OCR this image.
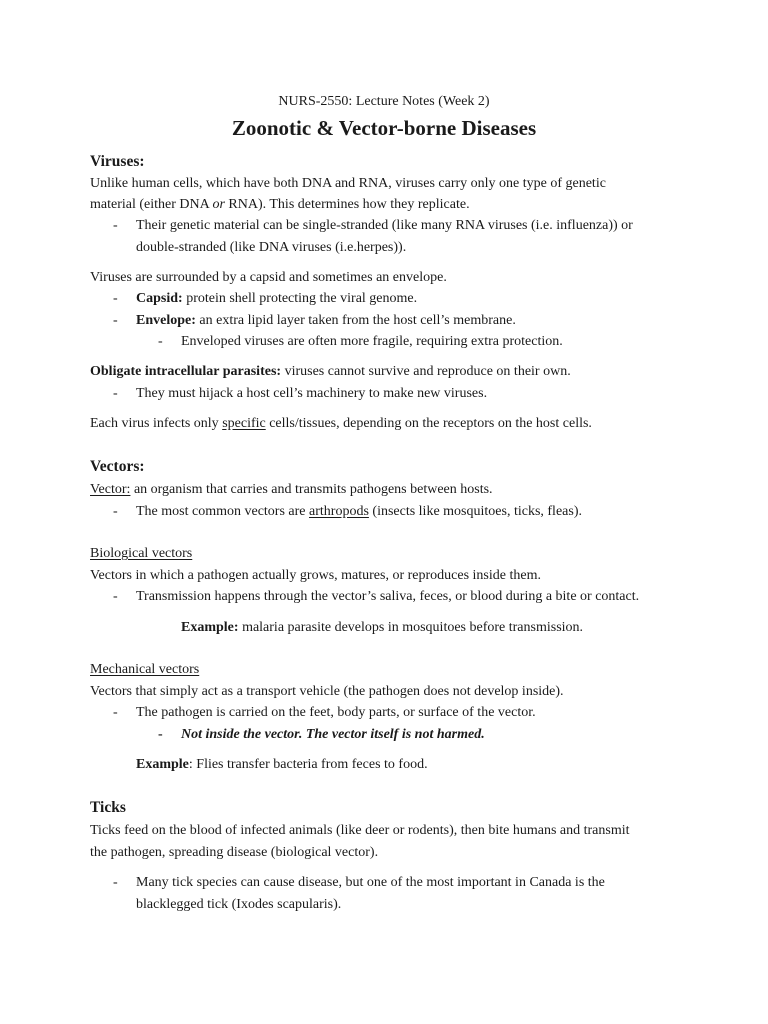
NURS-2550: Lecture Notes (Week 2)
Zoonotic & Vector-borne Diseases
Viruses:
Unlike human cells, which have both DNA and RNA, viruses carry only one type of genetic
material (either DNA or RNA). This determines how they replicate.
- Their genetic material can be single-stranded (like many RNA viruses (i.e. influenza)) or
double-stranded (like DNA viruses (i.e.herpes)).
Viruses are surrounded by a capsid and sometimes an envelope.
- Capsid: protein shell protecting the viral genome.
- Envelope: an extra lipid layer taken from the host cell’s membrane.
- Enveloped viruses are often more fragile, requiring extra protection.
Obligate intracellular parasites: viruses cannot survive and reproduce on their own.
- They must hijack a host cell’s machinery to make new viruses.
Each virus infects only specific cells/tissues, depending on the receptors on the host cells.
Vectors:
Vector: an organism that carries and transmits pathogens between hosts.
- The most common vectors are arthropods (insects like mosquitoes, ticks, fleas).
Biological vectors
Vectors in which a pathogen actually grows, matures, or reproduces inside them.
- Transmission happens through the vector’s saliva, feces, or blood during a bite or contact.
Example: malaria parasite develops in mosquitoes before transmission.
Mechanical vectors
Vectors that simply act as a transport vehicle (the pathogen does not develop inside).
- The pathogen is carried on the feet, body parts, or surface of the vector.
- Not inside the vector. The vector itself is not harmed.
Example: Flies transfer bacteria from feces to food.
Ticks
Ticks feed on the blood of infected animals (like deer or rodents), then bite humans and transmit
the pathogen, spreading disease (biological vector).
- Many tick species can cause disease, but one of the most important in Canada is the
blacklegged tick (Ixodes scapularis).
